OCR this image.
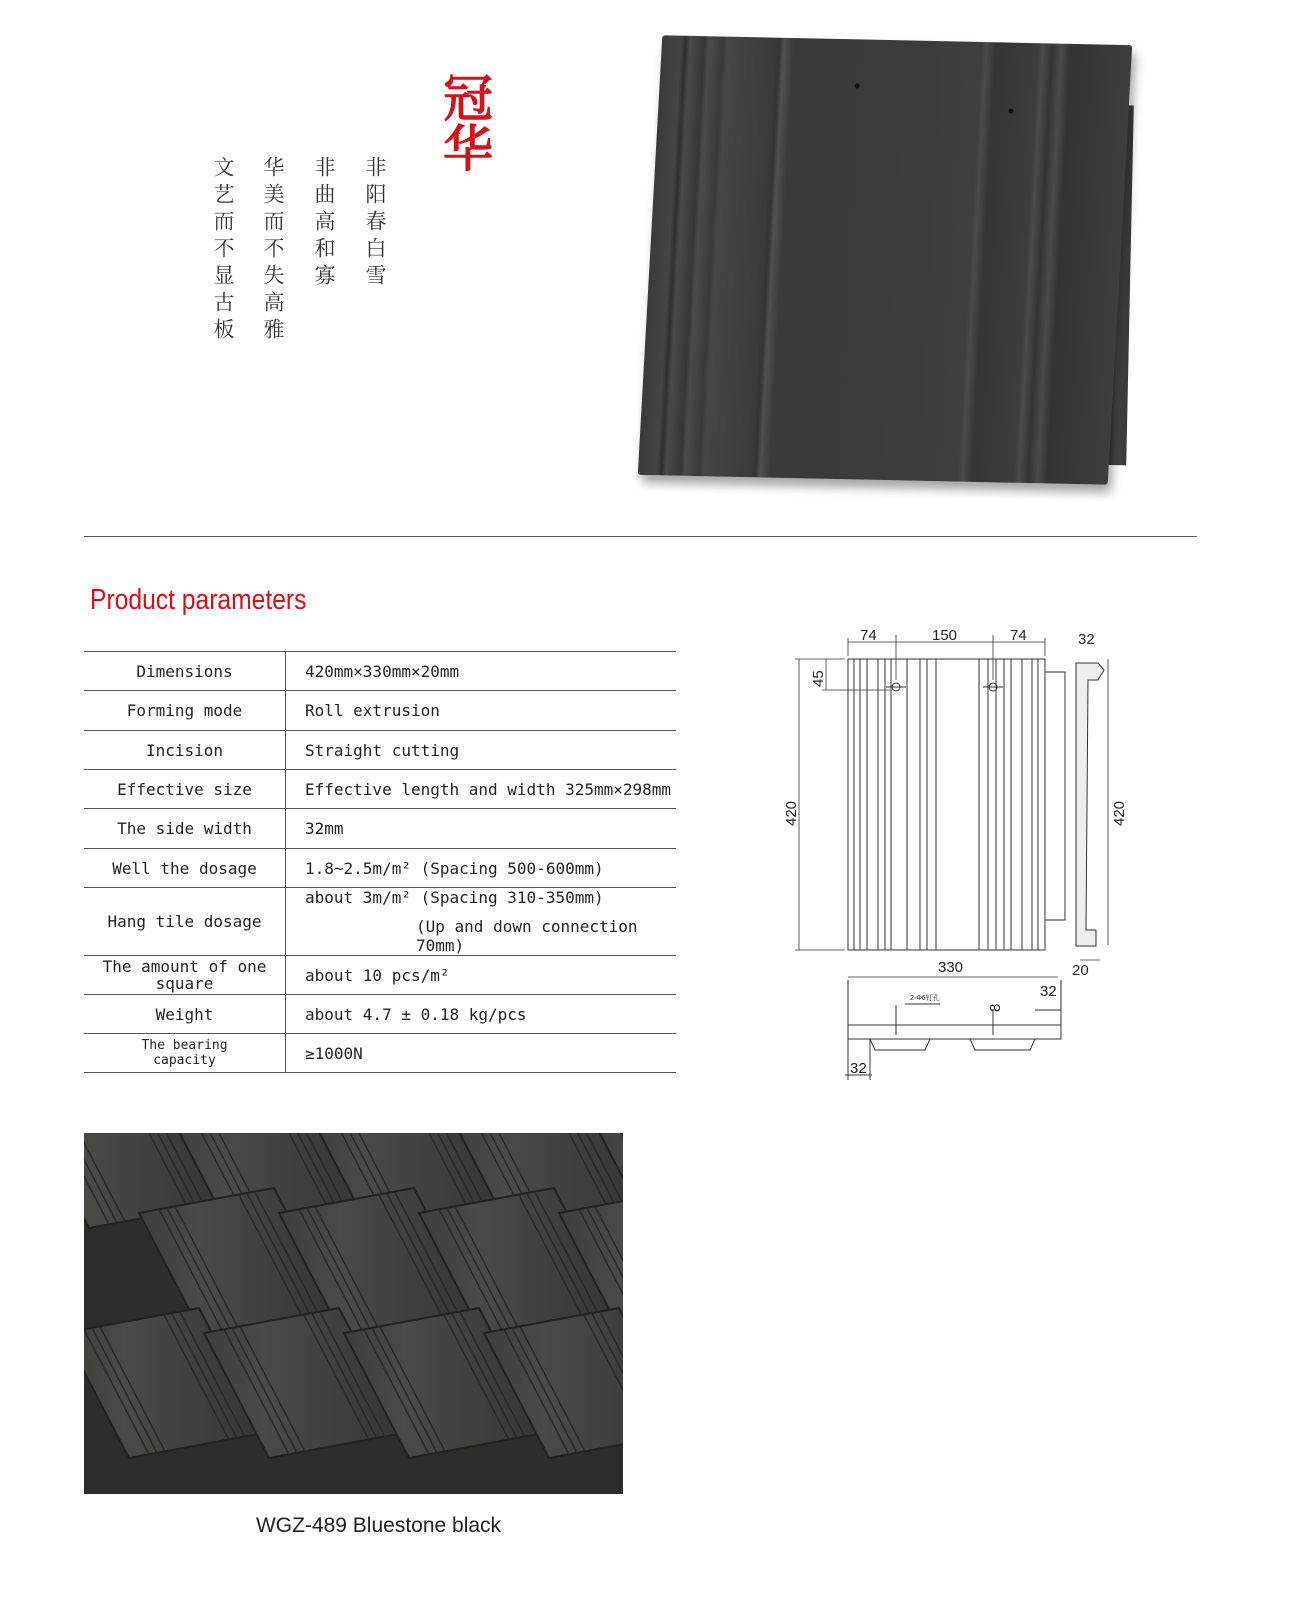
冠华
非阳春白雪
非曲高和寡
华美而不失高雅
文艺而不显古板
Product parameters
Dimensions	420mm×330mm×20mm
Forming mode	Roll extrusion
Incision	Straight cutting
Effective size	Effective length and width 325mm×298mm
The side width	32mm
Well the dosage	1.8~2.5m/m² (Spacing 500-600mm)
Hang tile dosage	about 3m/m² (Spacing 310-350mm)
(Up and down connection 70mm)

The amount of one square	about 10 pcs/m²
Weight	about 4.7 ± 0.18 kg/pcs
The bearing capacity	≥1000N
74	150	74	32
45
420	420
330	20
32
32
8
2-Φ6钉孔
WGZ-489 Bluestone black
